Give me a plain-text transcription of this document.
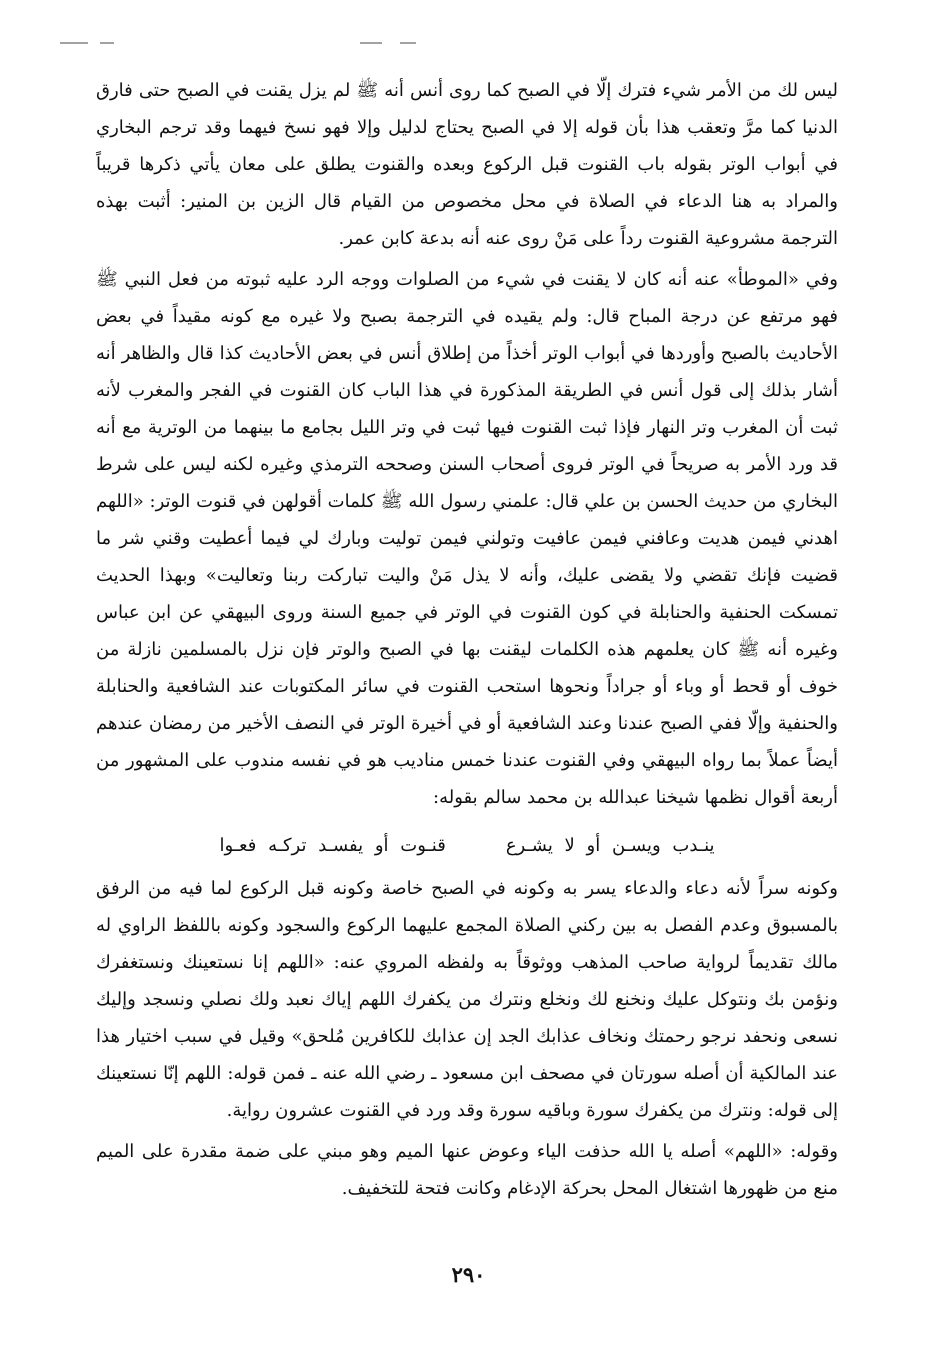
ليس لك من الأمر شيء فترك إلّا في الصبح كما روى أنس أنه ﷺ لم يزل يقنت في الصبح حتى فارق الدنيا كما مرَّ وتعقب هذا بأن قوله إلا في الصبح يحتاج لدليل وإلا فهو نسخ فيهما وقد ترجم البخاري في أبواب الوتر بقوله باب القنوت قبل الركوع وبعده والقنوت يطلق على معان يأتي ذكرها قريباً والمراد به هنا الدعاء في الصلاة في محل مخصوص من القيام قال الزين بن المنير: أثبت بهذه الترجمة مشروعية القنوت رداً على مَنْ روى عنه أنه بدعة كابن عمر.

وفي «الموطأ» عنه أنه كان لا يقنت في شيء من الصلوات ووجه الرد عليه ثبوته من فعل النبي ﷺ فهو مرتفع عن درجة المباح قال: ولم يقيده في الترجمة بصبح ولا غيره مع كونه مقيداً في بعض الأحاديث بالصبح وأوردها في أبواب الوتر أخذاً من إطلاق أنس في بعض الأحاديث كذا قال والظاهر أنه أشار بذلك إلى قول أنس في الطريقة المذكورة في هذا الباب كان القنوت في الفجر والمغرب لأنه ثبت أن المغرب وتر النهار فإذا ثبت القنوت فيها ثبت في وتر الليل بجامع ما بينهما من الوترية مع أنه قد ورد الأمر به صريحاً في الوتر فروى أصحاب السنن وصححه الترمذي وغيره لكنه ليس على شرط البخاري من حديث الحسن بن علي قال: علمني رسول الله ﷺ كلمات أقولهن في قنوت الوتر: «اللهم اهدني فيمن هديت وعافني فيمن عافيت وتولني فيمن توليت وبارك لي فيما أعطيت وقني شر ما قضيت فإنك تقضي ولا يقضى عليك، وأنه لا يذل مَنْ واليت تباركت ربنا وتعاليت» وبهذا الحديث تمسكت الحنفية والحنابلة في كون القنوت في الوتر في جميع السنة وروى البيهقي عن ابن عباس وغيره أنه ﷺ كان يعلمهم هذه الكلمات ليقنت بها في الصبح والوتر فإن نزل بالمسلمين نازلة من خوف أو قحط أو وباء أو جراداً ونحوها استحب القنوت في سائر المكتوبات عند الشافعية والحنابلة والحنفية وإلّا ففي الصبح عندنا وعند الشافعية أو في أخيرة الوتر في النصف الأخير من رمضان عندهم أيضاً عملاً بما رواه البيهقي وفي القنوت عندنا خمس مناديب هو في نفسه مندوب على المشهور من أربعة أقوال نظمها شيخنا عبدالله بن محمد سالم بقوله:

ينـدب ويسـن أو لا يشـرع
قنـوت أو يفسـد تركـه فعـوا

وكونه سراً لأنه دعاء والدعاء يسر به وكونه في الصبح خاصة وكونه قبل الركوع لما فيه من الرفق بالمسبوق وعدم الفصل به بين ركني الصلاة المجمع عليهما الركوع والسجود وكونه باللفظ الراوي له مالك تقديماً لرواية صاحب المذهب ووثوقاً به ولفظه المروي عنه: «اللهم إنا نستعينك ونستغفرك ونؤمن بك ونتوكل عليك ونخنع لك ونخلع ونترك من يكفرك اللهم إياك نعبد ولك نصلي ونسجد وإليك نسعى ونحفد نرجو رحمتك ونخاف عذابك الجد إن عذابك للكافرين مُلحق» وقيل في سبب اختيار هذا عند المالكية أن أصله سورتان في مصحف ابن مسعود ـ رضي الله عنه ـ فمن قوله: اللهم إنّا نستعينك إلى قوله: ونترك من يكفرك سورة وباقيه سورة وقد ورد في القنوت عشرون رواية.

وقوله: «اللهم» أصله يا الله حذفت الياء وعوض عنها الميم وهو مبني على ضمة مقدرة على الميم منع من ظهورها اشتغال المحل بحركة الإدغام وكانت فتحة للتخفيف.

٢٩٠
